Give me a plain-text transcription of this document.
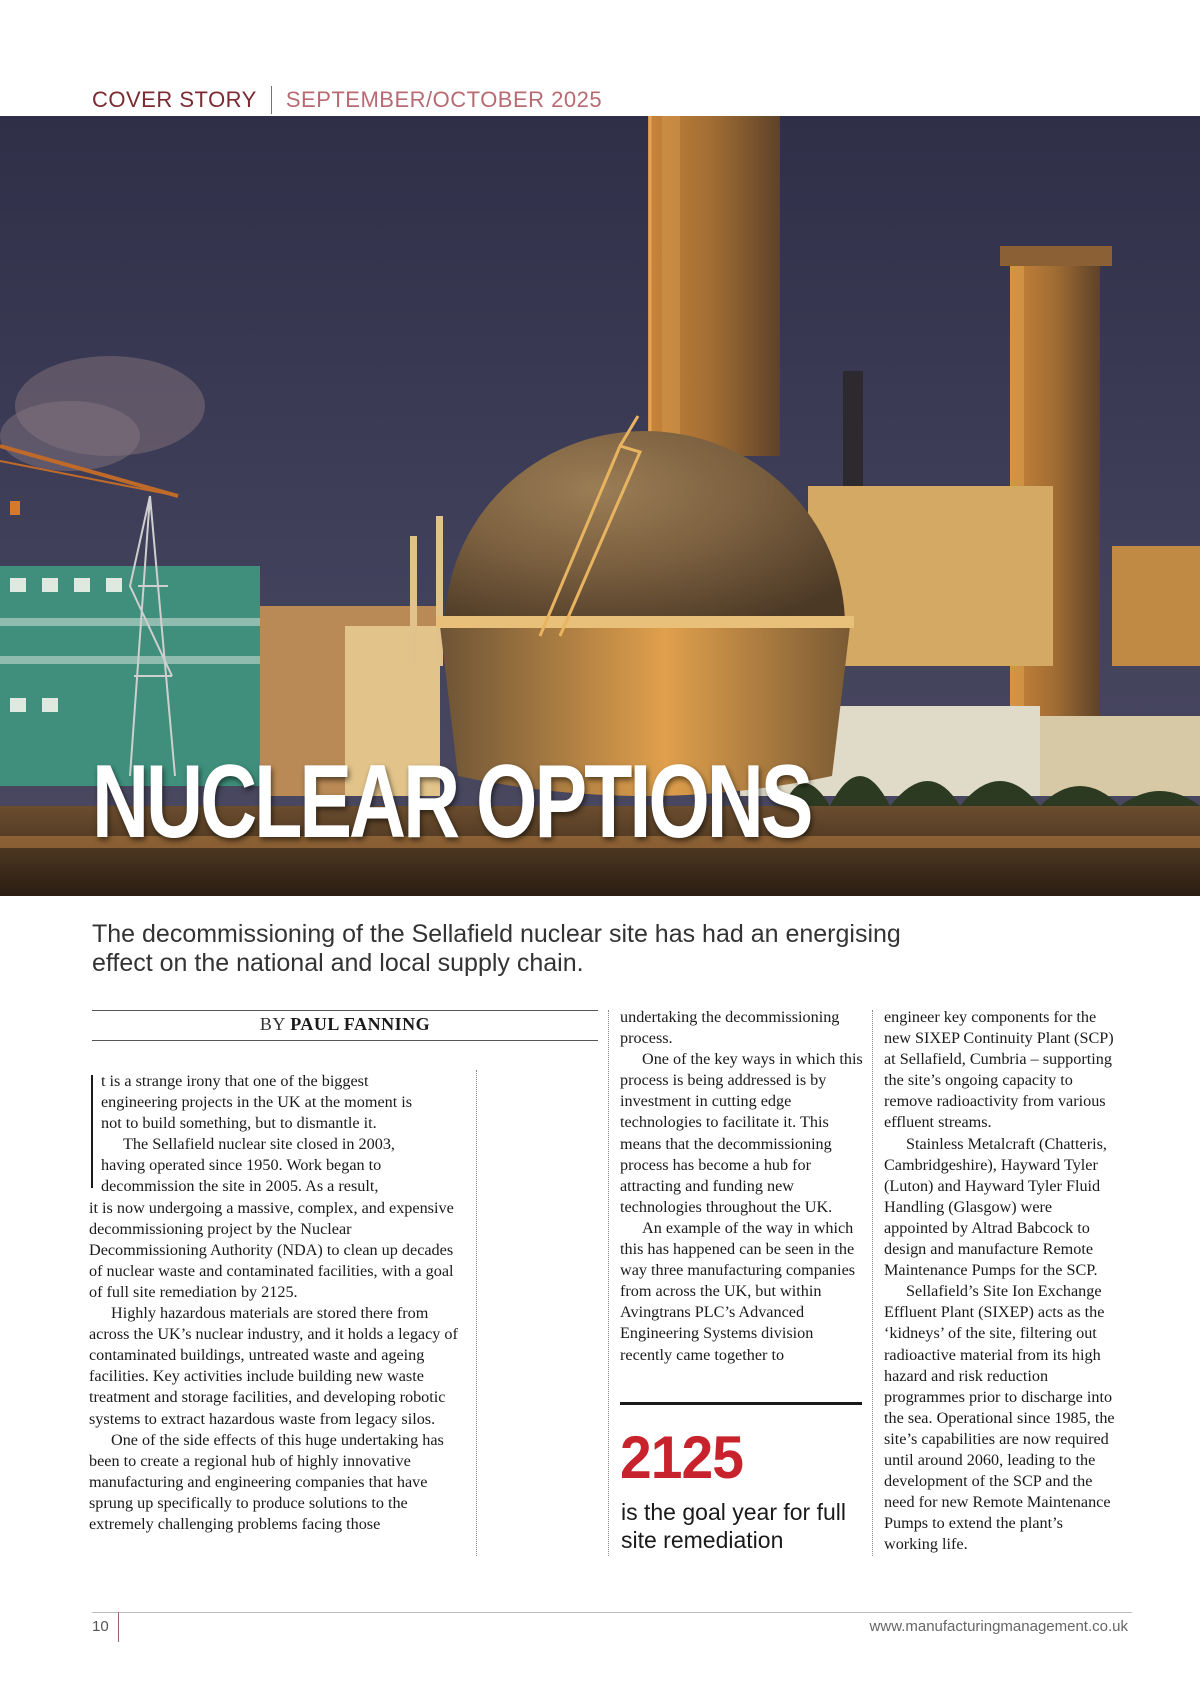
COVER STORY SEPTEMBER/OCTOBER 2025
NUCLEAR OPTIONS
The decommissioning of the Sellafield nuclear site has had an energising effect on the national and local supply chain.
BY PAUL FANNING
t is a strange irony that one of the biggest
engineering projects in the UK at the moment is
not to build something, but to dismantle it.
The Sellafield nuclear site closed in 2003,
having operated since 1950. Work began to
decommission the site in 2005. As a result,

it is now undergoing a massive, complex, and expensive decommissioning project by the Nuclear Decommissioning Authority (NDA) to clean up decades of nuclear waste and contaminated facilities, with a goal of full site remediation by 2125.

Highly hazardous materials are stored there from across the UK’s nuclear industry, and it holds a legacy of contaminated buildings, untreated waste and ageing facilities. Key activities include building new waste treatment and storage facilities, and developing robotic systems to extract hazardous waste from legacy silos.

One of the side effects of this huge undertaking has been to create a regional hub of highly innovative manufacturing and engineering companies that have sprung up specifically to produce solutions to the extremely challenging problems facing those

undertaking the decommissioning process.

One of the key ways in which this process is being addressed is by investment in cutting edge technologies to facilitate it. This means that the decommissioning process has become a hub for attracting and funding new technologies throughout the UK.

An example of the way in which this has happened can be seen in the way three manufacturing companies from across the UK, but within Avingtrans PLC’s Advanced Engineering Systems division recently came together to

2125
is the goal year for full site remediation

engineer key components for the new SIXEP Continuity Plant (SCP) at Sellafield, Cumbria – supporting the site’s ongoing capacity to remove radioactivity from various effluent streams.

Stainless Metalcraft (Chatteris, Cambridgeshire), Hayward Tyler (Luton) and Hayward Tyler Fluid Handling (Glasgow) were appointed by Altrad Babcock to design and manufacture Remote Maintenance Pumps for the SCP.

Sellafield’s Site Ion Exchange Effluent Plant (SIXEP) acts as the ‘kidneys’ of the site, filtering out radioactive material from its high hazard and risk reduction programmes prior to discharge into the sea. Operational since 1985, the site’s capabilities are now required until around 2060, leading to the development of the SCP and the need for new Remote Maintenance Pumps to extend the plant’s working life.

10	www.manufacturingmanagement.co.uk
